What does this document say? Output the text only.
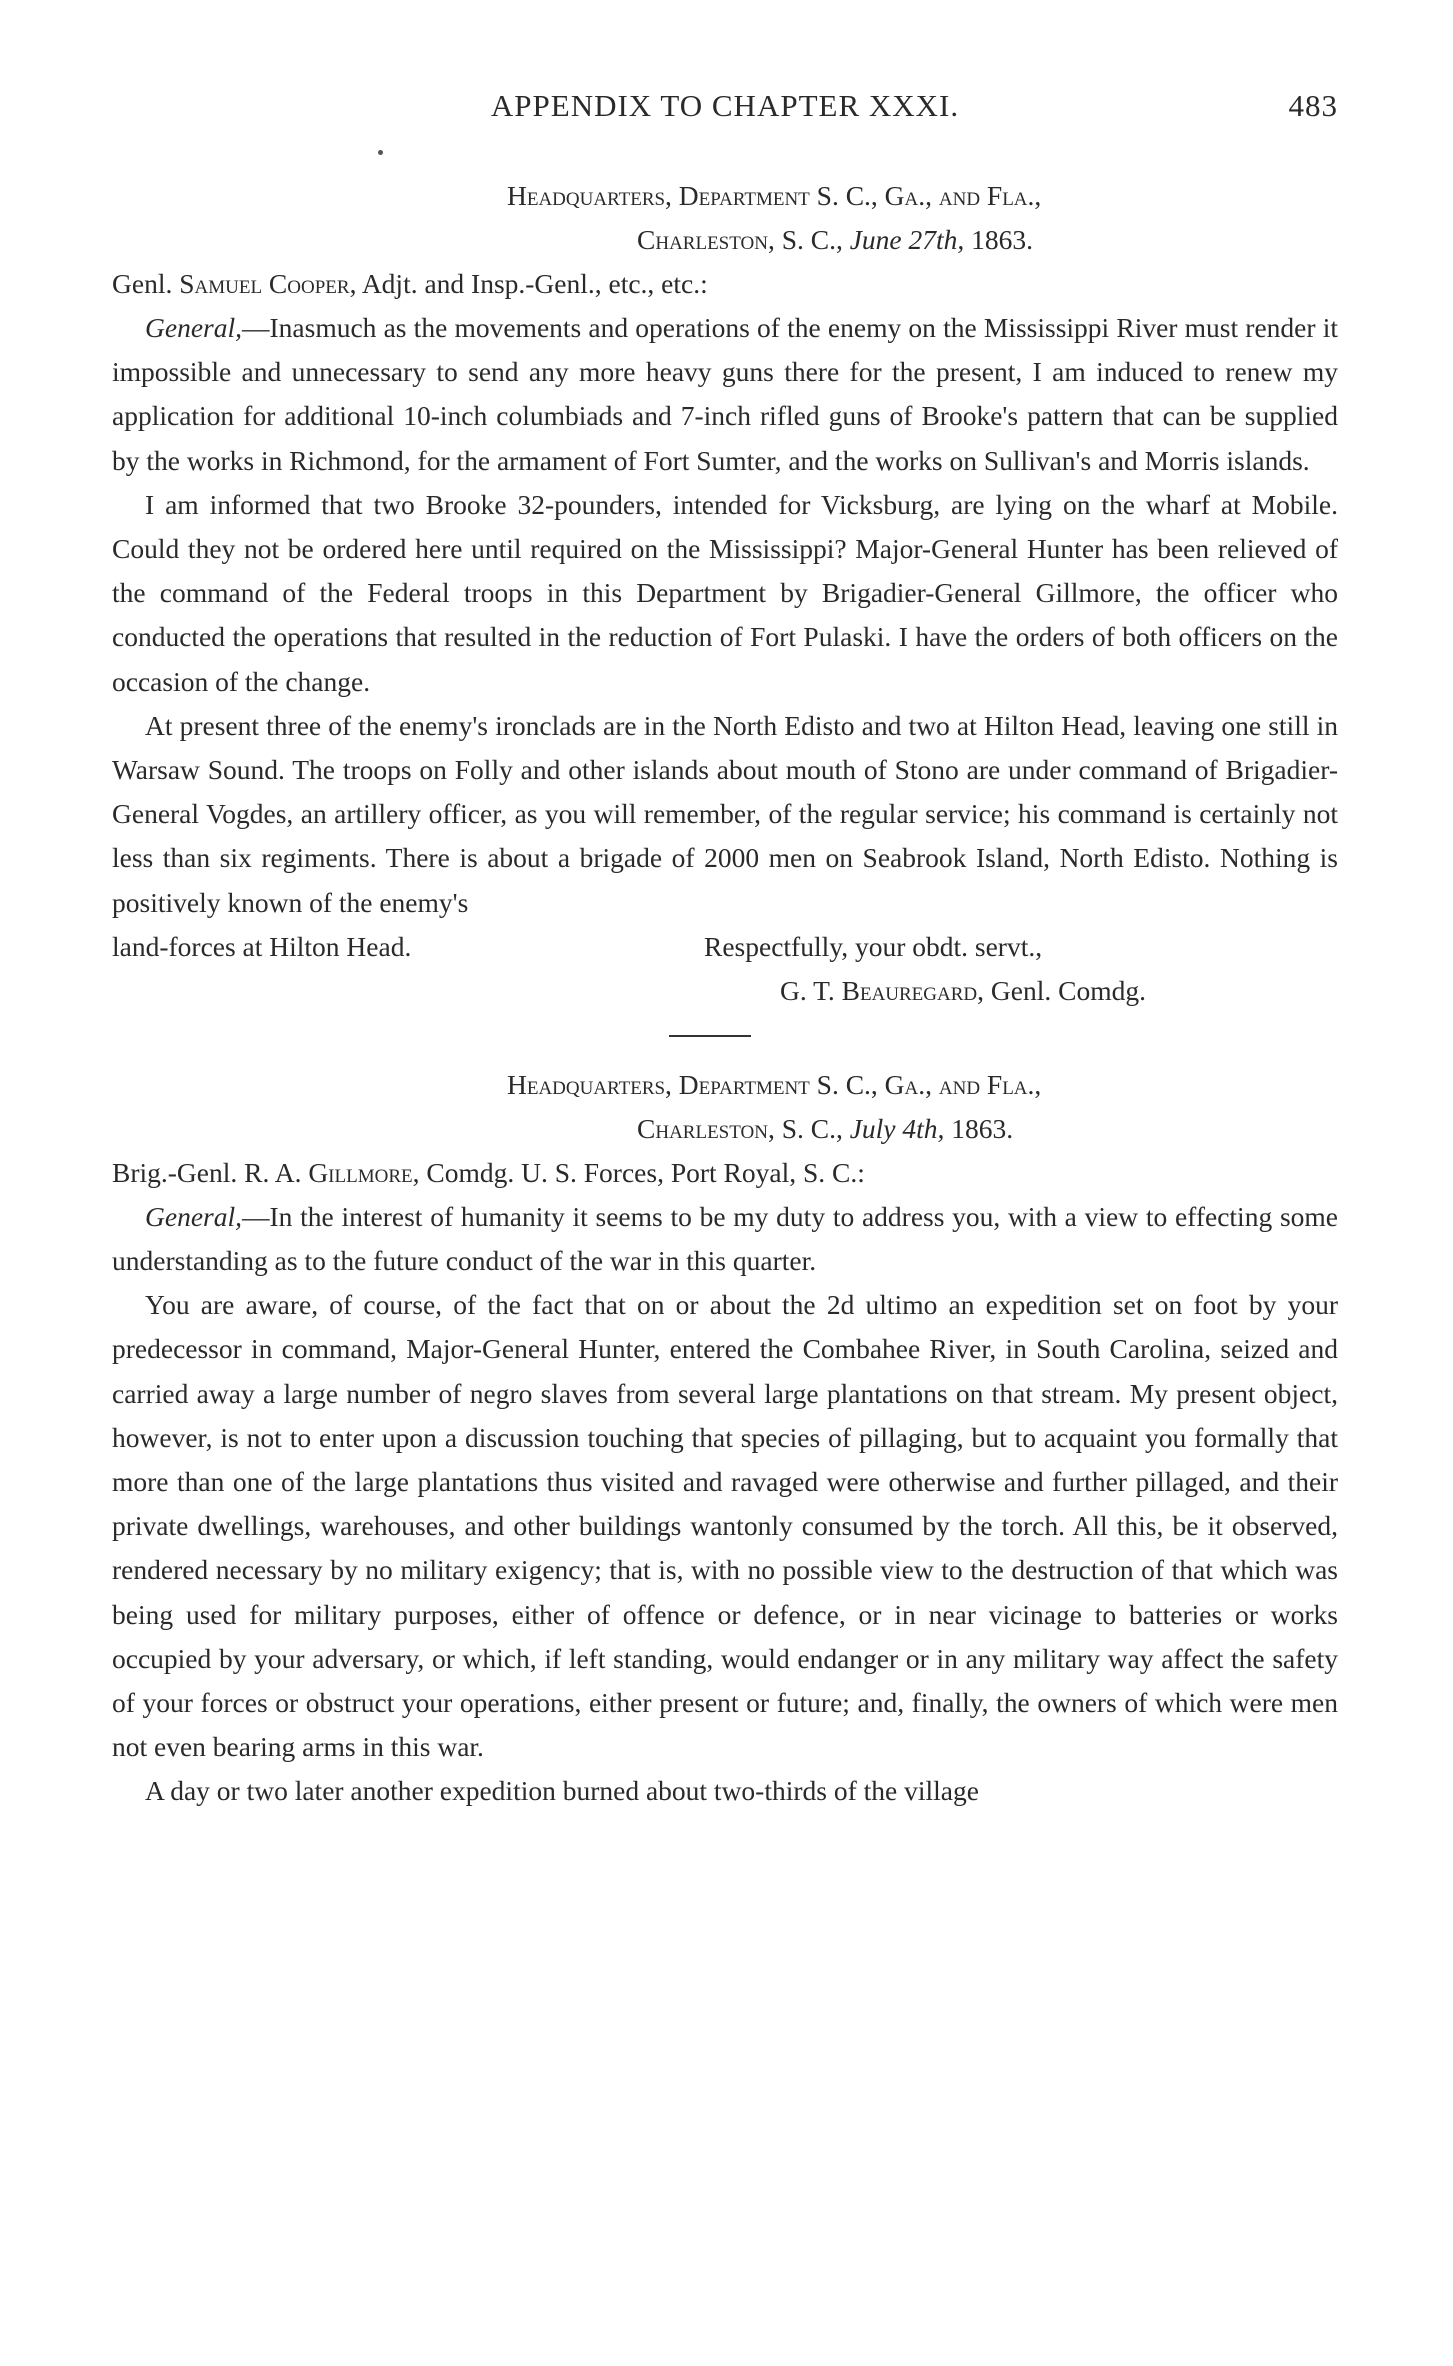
APPENDIX TO CHAPTER XXXI.	483
Headquarters, Department S. C., Ga., and Fla.,
Charleston, S. C., June 27th, 1863.
Genl. Samuel Cooper, Adjt. and Insp.-Genl., etc., etc.:

General,—Inasmuch as the movements and operations of the enemy on the Mississippi River must render it impossible and unnecessary to send any more heavy guns there for the present, I am induced to renew my application for additional 10-inch columbiads and 7-inch rifled guns of Brooke's pattern that can be supplied by the works in Richmond, for the armament of Fort Sumter, and the works on Sullivan's and Morris islands.

I am informed that two Brooke 32-pounders, intended for Vicksburg, are lying on the wharf at Mobile. Could they not be ordered here until required on the Mississippi? Major-General Hunter has been relieved of the command of the Federal troops in this Department by Brigadier-General Gillmore, the officer who conducted the operations that resulted in the reduction of Fort Pulaski. I have the orders of both officers on the occasion of the change.

At present three of the enemy's ironclads are in the North Edisto and two at Hilton Head, leaving one still in Warsaw Sound. The troops on Folly and other islands about mouth of Stono are under command of Brigadier-General Vogdes, an artillery officer, as you will remember, of the regular service; his command is certainly not less than six regiments. There is about a brigade of 2000 men on Seabrook Island, North Edisto. Nothing is positively known of the enemy's

land-forces at Hilton Head.	Respectfully, your obdt. servt.,
G. T. Beauregard, Genl. Comdg.
Headquarters, Department S. C., Ga., and Fla.,
Charleston, S. C., July 4th, 1863.
Brig.-Genl. R. A. Gillmore, Comdg. U. S. Forces, Port Royal, S. C.:

General,—In the interest of humanity it seems to be my duty to address you, with a view to effecting some understanding as to the future conduct of the war in this quarter.

You are aware, of course, of the fact that on or about the 2d ultimo an expedition set on foot by your predecessor in command, Major-General Hunter, entered the Combahee River, in South Carolina, seized and carried away a large number of negro slaves from several large plantations on that stream. My present object, however, is not to enter upon a discussion touching that species of pillaging, but to acquaint you formally that more than one of the large plantations thus visited and ravaged were otherwise and further pillaged, and their private dwellings, warehouses, and other buildings wantonly consumed by the torch. All this, be it observed, rendered necessary by no military exigency; that is, with no possible view to the destruction of that which was being used for military purposes, either of offence or defence, or in near vicinage to batteries or works occupied by your adversary, or which, if left standing, would endanger or in any military way affect the safety of your forces or obstruct your operations, either present or future; and, finally, the owners of which were men not even bearing arms in this war.

A day or two later another expedition burned about two-thirds of the village
